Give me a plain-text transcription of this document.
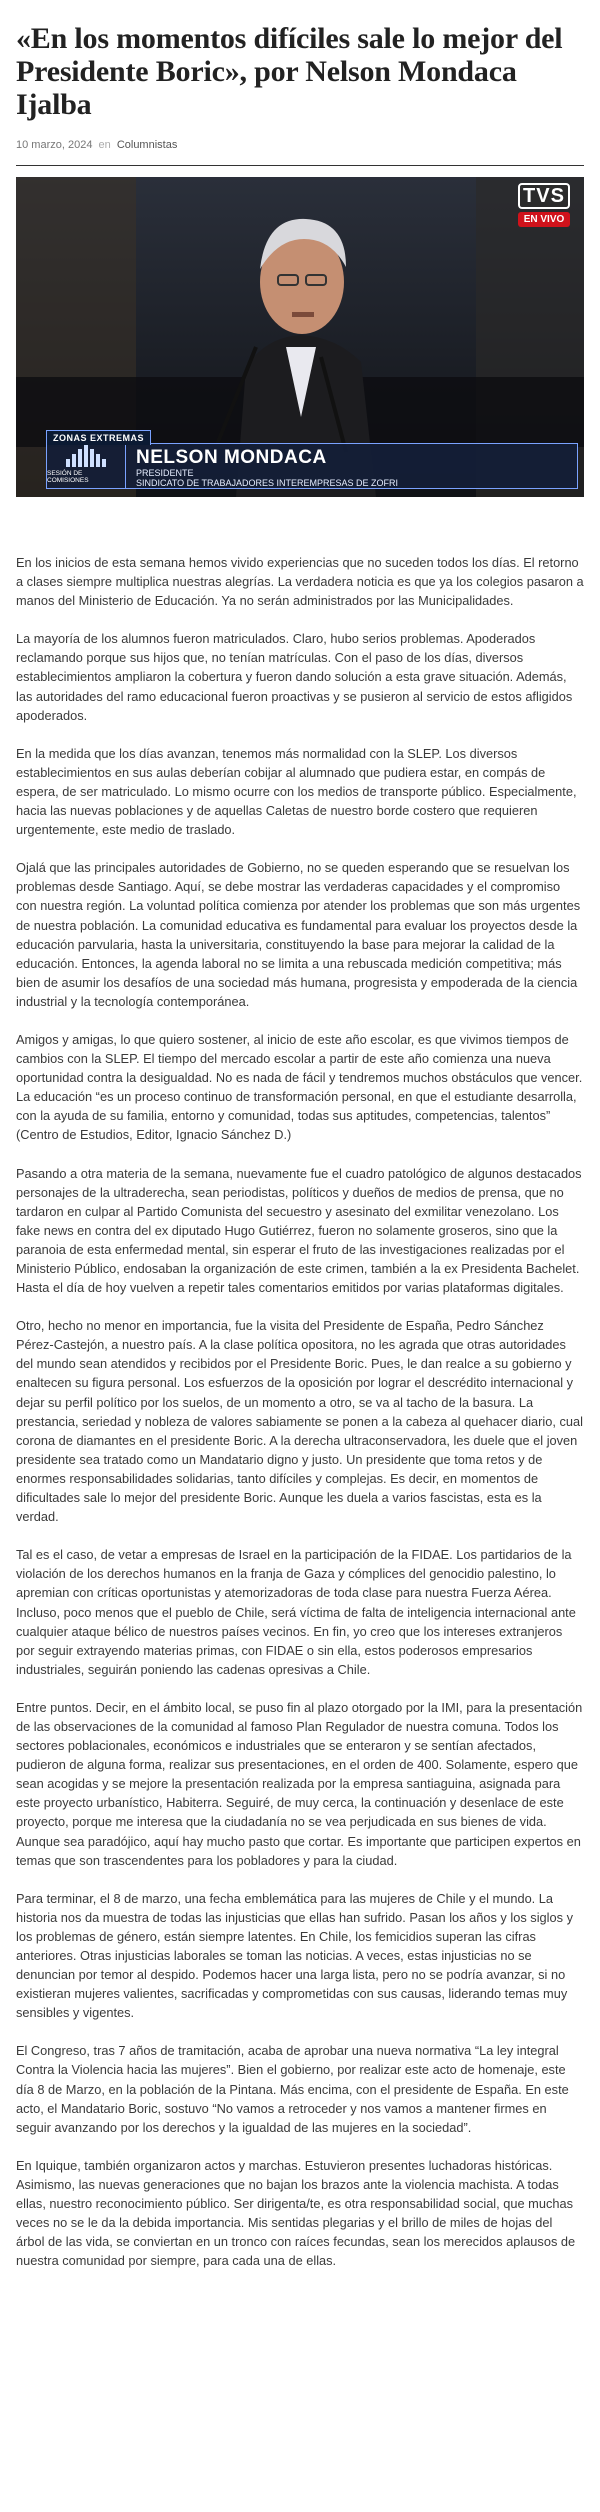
«En los momentos difíciles sale lo mejor del Presidente Boric», por Nelson Mondaca Ijalba
10 marzo, 2024 en Columnistas
TVS
EN VIVO
ZONAS EXTREMAS
SESIÓN DE COMISIONES
NELSON MONDACA
PRESIDENTE
SINDICATO DE TRABAJADORES INTEREMPRESAS DE ZOFRI

En los inicios de esta semana hemos vivido experiencias que no suceden todos los días. El retorno a clases siempre multiplica nuestras alegrías. La verdadera noticia es que ya los colegios pasaron a manos del Ministerio de Educación. Ya no serán administrados por las Municipalidades.

La mayoría de los alumnos fueron matriculados. Claro, hubo serios problemas. Apoderados reclamando porque sus hijos que, no tenían matrículas. Con el paso de los días, diversos establecimientos ampliaron la cobertura y fueron dando solución a esta grave situación. Además, las autoridades del ramo educacional fueron proactivas y se pusieron al servicio de estos afligidos apoderados.

En la medida que los días avanzan, tenemos más normalidad con la SLEP. Los diversos establecimientos en sus aulas deberían cobijar al alumnado que pudiera estar, en compás de espera, de ser matriculado. Lo mismo ocurre con los medios de transporte público. Especialmente, hacia las nuevas poblaciones y de aquellas Caletas de nuestro borde costero que requieren urgentemente, este medio de traslado.

Ojalá que las principales autoridades de Gobierno, no se queden esperando que se resuelvan los problemas desde Santiago. Aquí, se debe mostrar las verdaderas capacidades y el compromiso con nuestra región. La voluntad política comienza por atender los problemas que son más urgentes de nuestra población. La comunidad educativa es fundamental para evaluar los proyectos desde la educación parvularia, hasta la universitaria, constituyendo la base para mejorar la calidad de la educación. Entonces, la agenda laboral no se limita a una rebuscada medición competitiva; más bien de asumir los desafíos de una sociedad más humana, progresista y empoderada de la ciencia industrial y la tecnología contemporánea.

Amigos y amigas, lo que quiero sostener, al inicio de este año escolar, es que vivimos tiempos de cambios con la SLEP. El tiempo del mercado escolar a partir de este año comienza una nueva oportunidad contra la desigualdad. No es nada de fácil y tendremos muchos obstáculos que vencer. La educación “es un proceso continuo de transformación personal, en que el estudiante desarrolla, con la ayuda de su familia, entorno y comunidad, todas sus aptitudes, competencias, talentos” (Centro de Estudios, Editor, Ignacio Sánchez D.)

Pasando a otra materia de la semana, nuevamente fue el cuadro patológico de algunos destacados personajes de la ultraderecha, sean periodistas, políticos y dueños de medios de prensa, que no tardaron en culpar al Partido Comunista del secuestro y asesinato del exmilitar venezolano. Los fake news en contra del ex diputado Hugo Gutiérrez, fueron no solamente groseros, sino que la paranoia de esta enfermedad mental, sin esperar el fruto de las investigaciones realizadas por el Ministerio Público, endosaban la organización de este crimen, también a la ex Presidenta Bachelet. Hasta el día de hoy vuelven a repetir tales comentarios emitidos por varias plataformas digitales.

Otro, hecho no menor en importancia, fue la visita del Presidente de España, Pedro Sánchez Pérez-Castejón, a nuestro país. A la clase política opositora, no les agrada que otras autoridades del mundo sean atendidos y recibidos por el Presidente Boric. Pues, le dan realce a su gobierno y enaltecen su figura personal. Los esfuerzos de la oposición por lograr el descrédito internacional y dejar su perfil político por los suelos, de un momento a otro, se va al tacho de la basura. La prestancia, seriedad y nobleza de valores sabiamente se ponen a la cabeza al quehacer diario, cual corona de diamantes en el presidente Boric. A la derecha ultraconservadora, les duele que el joven presidente sea tratado como un Mandatario digno y justo. Un presidente que toma retos y de enormes responsabilidades solidarias, tanto difíciles y complejas. Es decir, en momentos de dificultades sale lo mejor del presidente Boric. Aunque les duela a varios fascistas, esta es la verdad.

Tal es el caso, de vetar a empresas de Israel en la participación de la FIDAE. Los partidarios de la violación de los derechos humanos en la franja de Gaza y cómplices del genocidio palestino, lo apremian con críticas oportunistas y atemorizadoras de toda clase para nuestra Fuerza Aérea. Incluso, poco menos que el pueblo de Chile, será víctima de falta de inteligencia internacional ante cualquier ataque bélico de nuestros países vecinos. En fin, yo creo que los intereses extranjeros por seguir extrayendo materias primas, con FIDAE o sin ella, estos poderosos empresarios industriales, seguirán poniendo las cadenas opresivas a Chile.

Entre puntos. Decir, en el ámbito local, se puso fin al plazo otorgado por la IMI, para la presentación de las observaciones de la comunidad al famoso Plan Regulador de nuestra comuna. Todos los sectores poblacionales, económicos e industriales que se enteraron y se sentían afectados, pudieron de alguna forma, realizar sus presentaciones, en el orden de 400. Solamente, espero que sean acogidas y se mejore la presentación realizada por la empresa santiaguina, asignada para este proyecto urbanístico, Habiterra. Seguiré, de muy cerca, la continuación y desenlace de este proyecto, porque me interesa que la ciudadanía no se vea perjudicada en sus bienes de vida. Aunque sea paradójico, aquí hay mucho pasto que cortar. Es importante que participen expertos en temas que son trascendentes para los pobladores y para la ciudad.

Para terminar, el 8 de marzo, una fecha emblemática para las mujeres de Chile y el mundo. La historia nos da muestra de todas las injusticias que ellas han sufrido. Pasan los años y los siglos y los problemas de género, están siempre latentes. En Chile, los femicidios superan las cifras anteriores. Otras injusticias laborales se toman las noticias. A veces, estas injusticias no se denuncian por temor al despido. Podemos hacer una larga lista, pero no se podría avanzar, si no existieran mujeres valientes, sacrificadas y comprometidas con sus causas, liderando temas muy sensibles y vigentes.

El Congreso, tras 7 años de tramitación, acaba de aprobar una nueva normativa “La ley integral Contra la Violencia hacia las mujeres”. Bien el gobierno, por realizar este acto de homenaje, este día 8 de Marzo, en la población de la Pintana. Más encima, con el presidente de España. En este acto, el Mandatario Boric, sostuvo “No vamos a retroceder y nos vamos a mantener firmes en seguir avanzando por los derechos y la igualdad de las mujeres en la sociedad”.

En Iquique, también organizaron actos y marchas. Estuvieron presentes luchadoras históricas. Asimismo, las nuevas generaciones que no bajan los brazos ante la violencia machista. A todas ellas, nuestro reconocimiento público. Ser dirigenta/te, es otra responsabilidad social, que muchas veces no se le da la debida importancia. Mis sentidas plegarias y el brillo de miles de hojas del árbol de las vida, se conviertan en un tronco con raíces fecundas, sean los merecidos aplausos de nuestra comunidad por siempre, para cada una de ellas.
